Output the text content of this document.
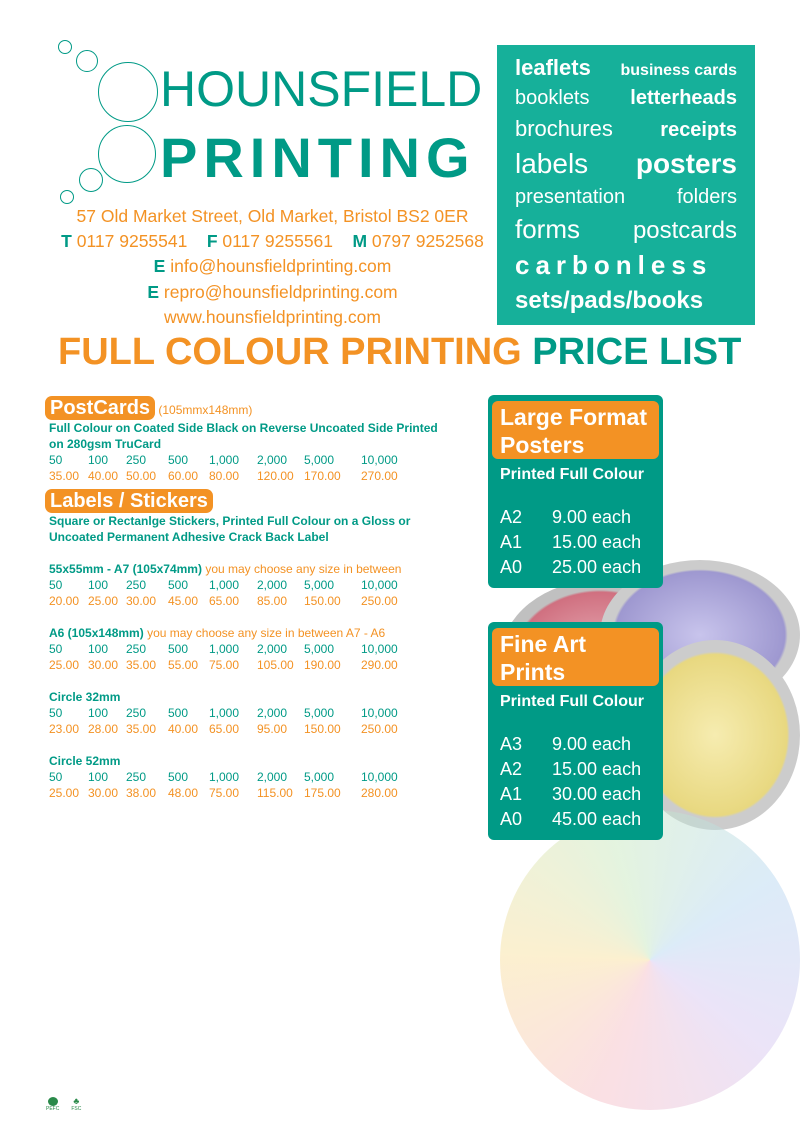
HOUNSFIELD
PRINTING
57 Old Market Street, Old Market, Bristol BS2 0ER
T 0117 9255541 F 0117 9255561 M 0797 9252568
E info@hounsfieldprinting.com
E repro@hounsfieldprinting.com
www.hounsfieldprinting.com
leaflets business cards
booklets letterheads
brochures receipts
labels posters
presentation	folders
forms postcards
carbonless
sets/pads/books
FULL COLOUR PRINTING PRICE LIST
PostCards (105mmx148mm)
Full Colour on Coated Side Black on Reverse Uncoated Side Printed on 280gsm TruCard
50	100	250	500	1,000	2,000	5,000	10,000
35.00 40.00 50.00 60.00 80.00	120.00 170.00	270.00
Labels / Stickers
Square or Rectanlge Stickers, Printed Full Colour on a Gloss or Uncoated Permanent Adhesive Crack Back Label
55x55mm - A7 (105x74mm) you may choose any size in between
50	100	250	500	1,000	2,000	5,000	10,000
20.00 25.00 30.00 45.00 65.00	85.00	150.00	250.00
A6 (105x148mm) you may choose any size in between A7 - A6
50	100	250	500	1,000	2,000	5,000	10,000
25.00 30.00 35.00 55.00 75.00	105.00 190.00	290.00
Circle 32mm
50	100	250	500	1,000	2,000	5,000	10,000
23.00 28.00 35.00 40.00 65.00	95.00	150.00	250.00
Circle 52mm
50	100	250	500	1,000	2,000	5,000	10,000
25.00 30.00 38.00 48.00 75.00	115.00 175.00	280.00
Large Format Posters
Printed Full Colour
A2	9.00 each
A1	15.00 each
A0	25.00 each
Fine Art Prints
Printed Full Colour
A3	9.00 each
A2	15.00 each
A1	30.00 each
A0	45.00 each
PEFC
♣
FSC
